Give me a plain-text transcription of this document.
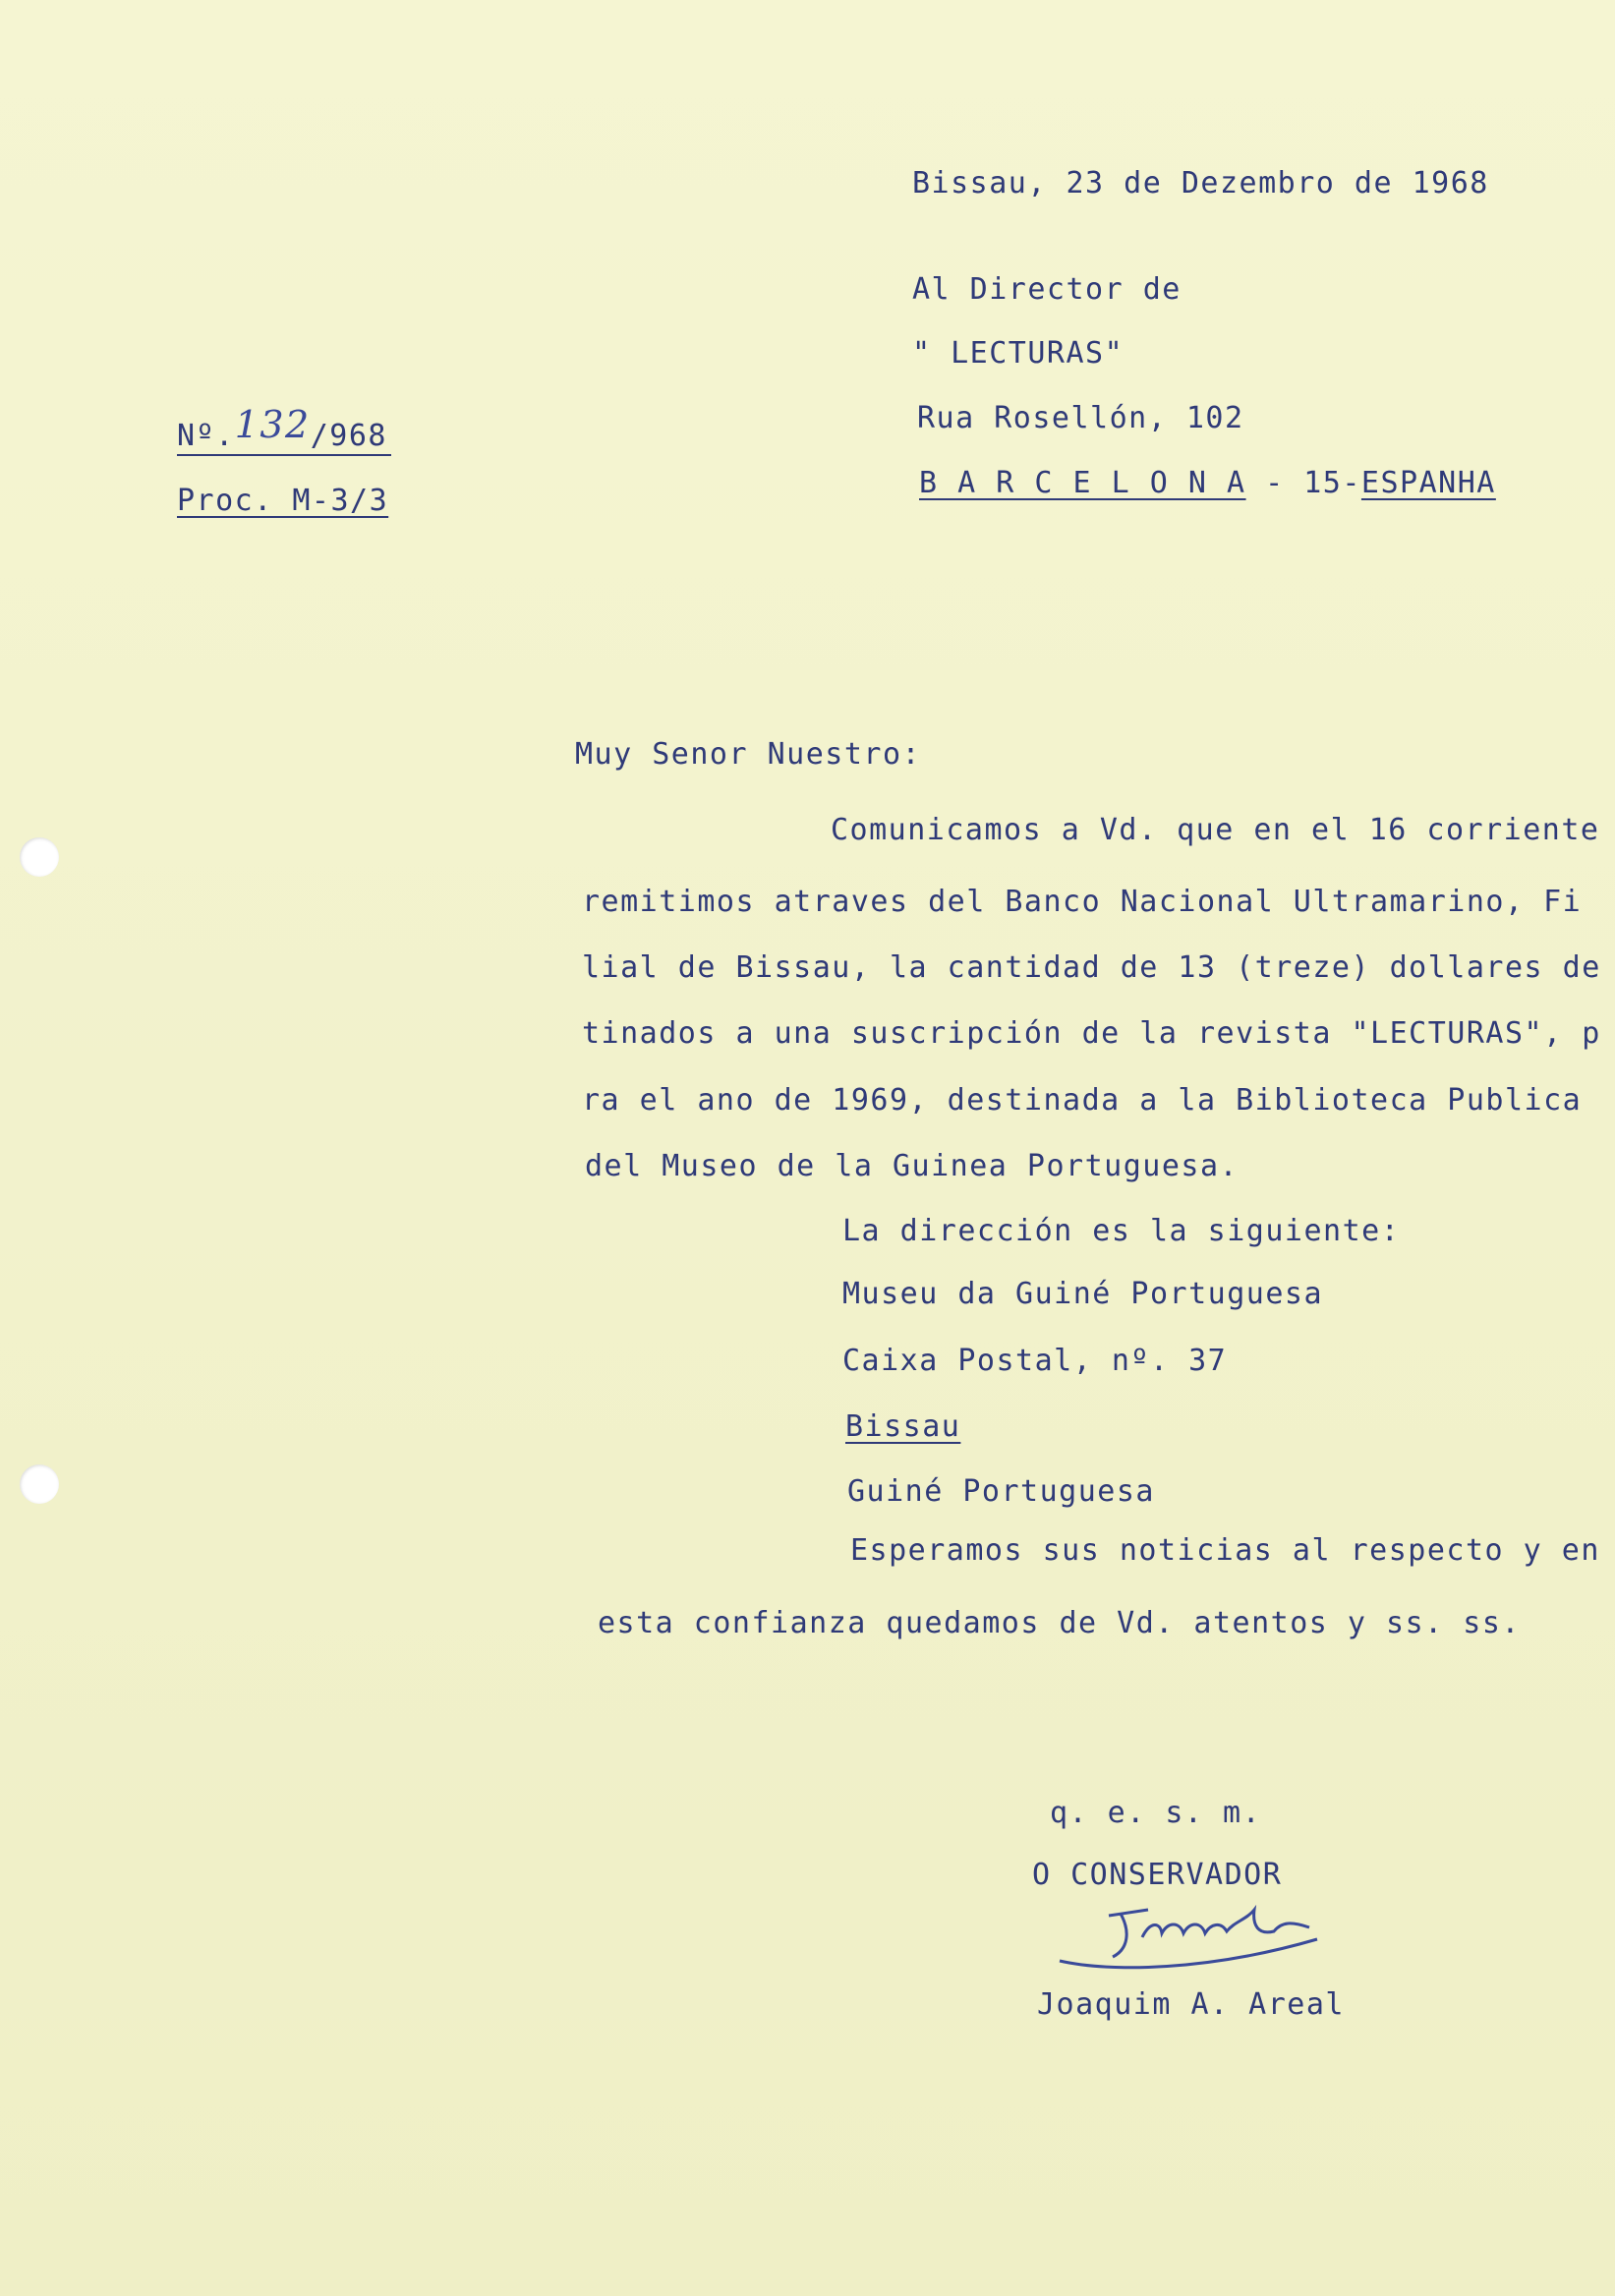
Nº.132/968
Proc. M-3/3
Bissau, 23 de Dezembro de 1968
Al Director de
" LECTURAS"
Rua Rosellón, 102
B A R C E L O N A - 15-ESPANHA
Muy Senor Nuestro:
Comunicamos a Vd. que en el 16 corriente
remitimos atraves del Banco Nacional Ultramarino, Fi
lial de Bissau, la cantidad de 13 (treze) dollares de
tinados a una suscripción de la revista "LECTURAS", p
ra el ano de 1969, destinada a la Biblioteca Publica
del Museo de la Guinea Portuguesa.
La dirección es la siguiente:
Museu da Guiné Portuguesa
Caixa Postal, nº. 37
Bissau
Guiné Portuguesa
Esperamos sus noticias al respecto y en
esta confianza quedamos de Vd. atentos y ss. ss.
q. e. s. m.
O CONSERVADOR
Joaquim A. Areal
